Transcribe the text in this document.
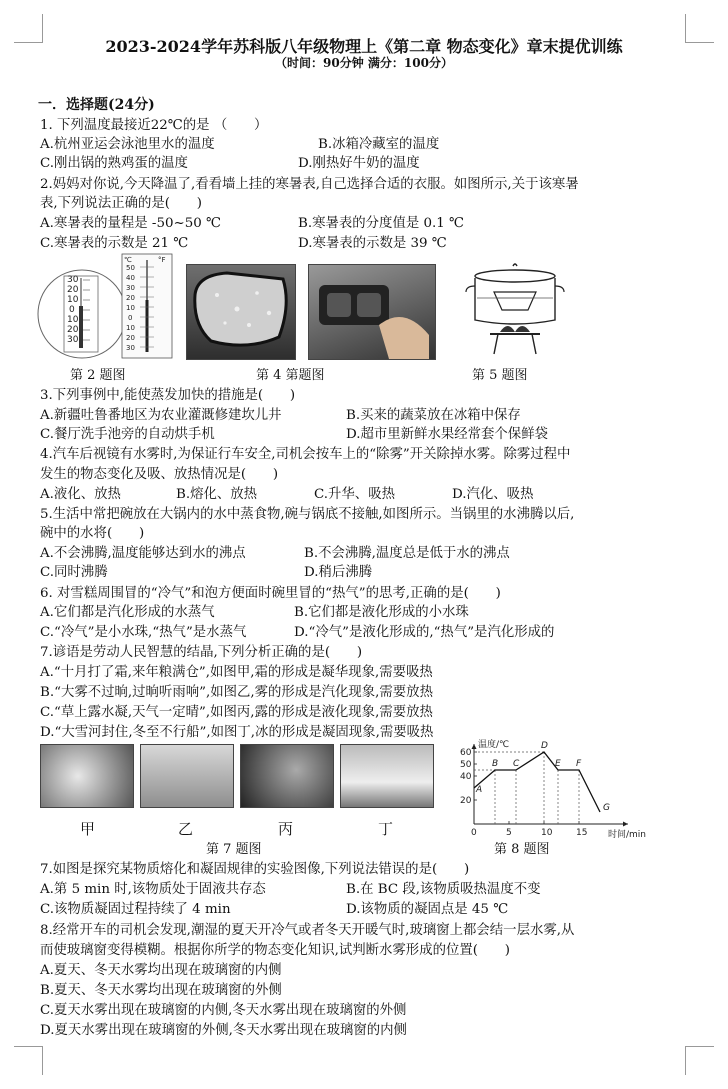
2023-2024学年苏科版八年级物理上《第二章 物态变化》章末提优训练
（时间：90分钟 满分：100分）
一．选择题(24分)
1. 下列温度最接近22℃的是 （　　）
A.杭州亚运会泳池里水的温度	B.冰箱冷藏室的温度
C.刚出锅的熟鸡蛋的温度	D.刚热好牛奶的温度
2.妈妈对你说,今天降温了,看看墙上挂的寒暑表,自己选择合适的衣服。如图所示,关于该寒暑
表,下列说法正确的是(　　)
A.寒暑表的量程是 -50~50 ℃	B.寒暑表的分度值是 0.1 ℃
C.寒暑表的示数是 21 ℃	D.寒暑表的示数是 39 ℃
30
20
10
0
10
20
30
℃	°F
50
40
30
20
10
0
10
20
30
第 2 题图	第 4 第题图	第 5 题图
3.下列事例中,能使蒸发加快的措施是(　　)
A.新疆吐鲁番地区为农业灌溉修建坎儿井	B.买来的蔬菜放在冰箱中保存
C.餐厅洗手池旁的自动烘手机	D.超市里新鲜水果经常套个保鲜袋
4.汽车后视镜有水雾时,为保证行车安全,司机会按车上的“除雾”开关除掉水雾。除雾过程中
发生的物态变化及吸、放热情况是(　　)
A.液化、放热	B.熔化、放热	C.升华、吸热	D.汽化、吸热
5.生活中常把碗放在大锅内的水中蒸食物,碗与锅底不接触,如图所示。当锅里的水沸腾以后,
碗中的水将(　　)
A.不会沸腾,温度能够达到水的沸点	B.不会沸腾,温度总是低于水的沸点
C.同时沸腾	D.稍后沸腾
6. 对雪糕周围冒的“冷气”和泡方便面时碗里冒的“热气”的思考,正确的是(　　)
A.它们都是汽化形成的水蒸气	B.它们都是液化形成的小水珠
C.“冷气”是小水珠,“热气”是水蒸气	D.“冷气”是液化形成的,“热气”是汽化形成的
7.谚语是劳动人民智慧的结晶,下列分析正确的是(　　)
A.“十月打了霜,来年粮满仓”,如图甲,霜的形成是凝华现象,需要吸热
B.“大雾不过晌,过晌听雨响”,如图乙,雾的形成是汽化现象,需要放热
C.“草上露水凝,天气一定晴”,如图丙,露的形成是液化现象,需要放热
D.“大雪河封住,冬至不行船”,如图丁,冰的形成是凝固现象,需要吸热
甲	乙	丙	丁
第 7 题图	第 8 题图
温度/℃
时间/min
20
40
50
60
0	5	10	15
A
B C
D
E F
G
7.如图是探究某物质熔化和凝固规律的实验图像,下列说法错误的是(　　)
A.第 5 min 时,该物质处于固液共存态	B.在 BC 段,该物质吸热温度不变
C.该物质凝固过程持续了 4 min	D.该物质的凝固点是 45 ℃
8.经常开车的司机会发现,潮湿的夏天开冷气或者冬天开暖气时,玻璃窗上都会结一层水雾,从
而使玻璃窗变得模糊。根据你所学的物态变化知识,试判断水雾形成的位置(　　)
A.夏天、冬天水雾均出现在玻璃窗的内侧
B.夏天、冬天水雾均出现在玻璃窗的外侧
C.夏天水雾出现在玻璃窗的内侧,冬天水雾出现在玻璃窗的外侧
D.夏天水雾出现在玻璃窗的外侧,冬天水雾出现在玻璃窗的内侧
